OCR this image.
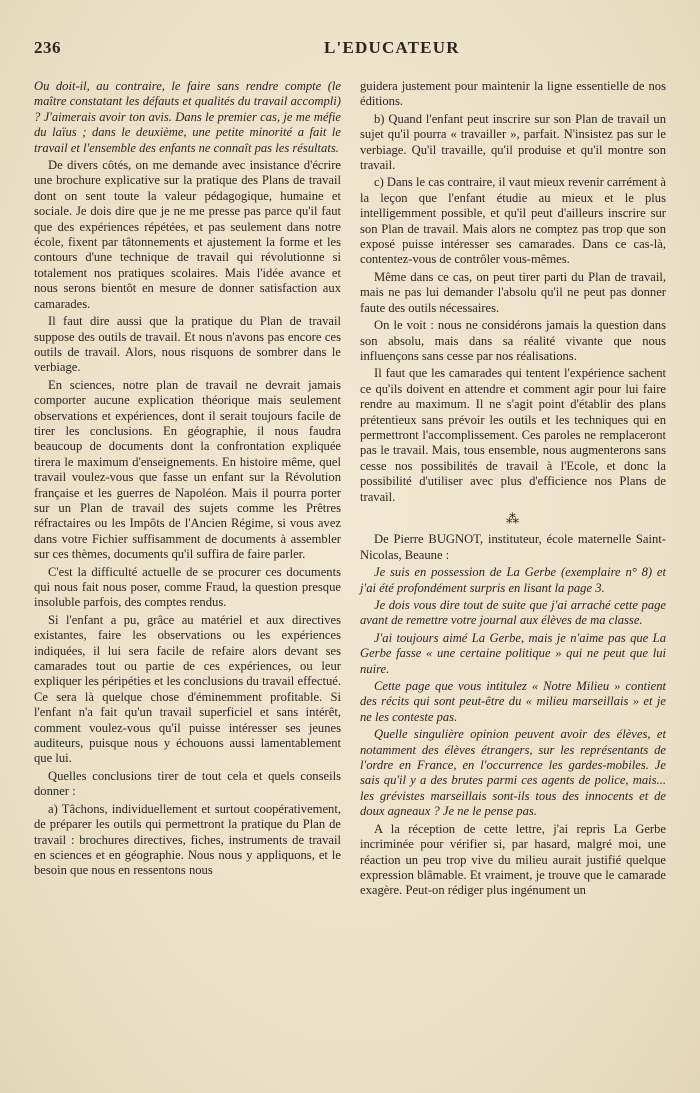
236	L'EDUCATEUR

Ou doit-il, au contraire, le faire sans rendre compte (le maître constatant les défauts et qualités du travail accompli) ? J'aimerais avoir ton avis. Dans le premier cas, je me méfie du laïus ; dans le deuxième, une petite minorité a fait le travail et l'ensemble des enfants ne connaît pas les résultats.

De divers côtés, on me demande avec insistance d'écrire une brochure explicative sur la pratique des Plans de travail dont on sent toute la valeur pédagogique, humaine et sociale. Je dois dire que je ne me presse pas parce qu'il faut que des expériences répétées, et pas seulement dans notre école, fixent par tâtonnements et ajustement la forme et les contours d'une technique de travail qui révolutionne si totalement nos pratiques scolaires. Mais l'idée avance et nous serons bientôt en mesure de donner satisfaction aux camarades.

Il faut dire aussi que la pratique du Plan de travail suppose des outils de travail. Et nous n'avons pas encore ces outils de travail. Alors, nous risquons de sombrer dans le verbiage.

En sciences, notre plan de travail ne devrait jamais comporter aucune explication théorique mais seulement observations et expériences, dont il serait toujours facile de tirer les conclusions. En géographie, il nous faudra beaucoup de documents dont la confrontation expliquée tirera le maximum d'enseignements. En histoire même, quel travail voulez-vous que fasse un enfant sur la Révolution française et les guerres de Napoléon. Mais il pourra porter sur un Plan de travail des sujets comme les Prêtres réfractaires ou les Impôts de l'Ancien Régime, si vous avez dans votre Fichier suffisamment de documents à assembler sur ces thèmes, documents qu'il suffira de faire parler.

C'est la difficulté actuelle de se procurer ces documents qui nous fait nous poser, comme Fraud, la question presque insoluble parfois, des comptes rendus.

Si l'enfant a pu, grâce au matériel et aux directives existantes, faire les observations ou les expériences indiquées, il lui sera facile de refaire alors devant ses camarades tout ou partie de ces expériences, ou leur expliquer les péripéties et les conclusions du travail effectué. Ce sera là quelque chose d'éminemment profitable. Si l'enfant n'a fait qu'un travail superficiel et sans intérêt, comment voulez-vous qu'il puisse intéresser ses jeunes auditeurs, puisque nous y échouons aussi lamentablement que lui.

Quelles conclusions tirer de tout cela et quels conseils donner :

a) Tâchons, individuellement et surtout coopérativement, de préparer les outils qui permettront la pratique du Plan de travail : brochures directives, fiches, instruments de travail en sciences et en géographie. Nous nous y appliquons, et le besoin que nous en ressentons nous

guidera justement pour maintenir la ligne essentielle de nos éditions.

b) Quand l'enfant peut inscrire sur son Plan de travail un sujet qu'il pourra « travailler », parfait. N'insistez pas sur le verbiage. Qu'il travaille, qu'il produise et qu'il montre son travail.

c) Dans le cas contraire, il vaut mieux revenir carrément à la leçon que l'enfant étudie au mieux et le plus intelligemment possible, et qu'il peut d'ailleurs inscrire sur son Plan de travail. Mais alors ne comptez pas trop que son exposé puisse intéresser ses camarades. Dans ce cas-là, contentez-vous de contrôler vous-mêmes.

Même dans ce cas, on peut tirer parti du Plan de travail, mais ne pas lui demander l'absolu qu'il ne peut pas donner faute des outils nécessaires.

On le voit : nous ne considérons jamais la question dans son absolu, mais dans sa réalité vivante que nous influençons sans cesse par nos réalisations.

Il faut que les camarades qui tentent l'expérience sachent ce qu'ils doivent en attendre et comment agir pour lui faire rendre au maximum. Il ne s'agit point d'établir des plans prétentieux sans prévoir les outils et les techniques qui en permettront l'accomplissement. Ces paroles ne remplaceront pas le travail. Mais, tous ensemble, nous augmenterons sans cesse nos possibilités de travail à l'Ecole, et donc la possibilité d'utiliser avec plus d'efficience nos Plans de travail.

⁂

De Pierre BUGNOT, instituteur, école maternelle Saint-Nicolas, Beaune :

Je suis en possession de La Gerbe (exemplaire n° 8) et j'ai été profondément surpris en lisant la page 3.

Je dois vous dire tout de suite que j'ai arraché cette page avant de remettre votre journal aux élèves de ma classe.

J'ai toujours aimé La Gerbe, mais je n'aime pas que La Gerbe fasse « une certaine politique » qui ne peut que lui nuire.

Cette page que vous intitulez « Notre Milieu » contient des récits qui sont peut-être du « milieu marseillais » et je ne les conteste pas.

Quelle singulière opinion peuvent avoir des élèves, et notamment des élèves étrangers, sur les représentants de l'ordre en France, en l'occurrence les gardes-mobiles. Je sais qu'il y a des brutes parmi ces agents de police, mais... les grévistes marseillais sont-ils tous des innocents et de doux agneaux ? Je ne le pense pas.

A la réception de cette lettre, j'ai repris La Gerbe incriminée pour vérifier si, par hasard, malgré moi, une réaction un peu trop vive du milieu aurait justifié quelque expression blâmable. Et vraiment, je trouve que le camarade exagère. Peut-on rédiger plus ingénument un
